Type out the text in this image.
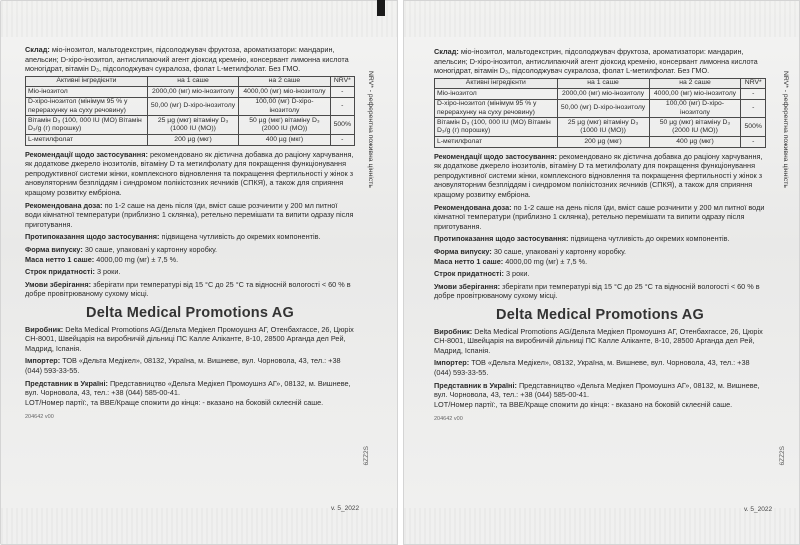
Склад: міо-інозитол, мальтодекстрин, підсолоджувач фруктоза, ароматизатори: мандарин, апельсин; D-хіро-інозитол, антислипаючий агент діоксид кремнію, консервант лимонна кислота моногідрат, вітамін D₃, підсолоджувач сукралоза, фолат L-метилфолат. Без ГМО.
Активні інгредієнти	на 1 саше	на 2 саше	NRV*
Міо-інозитол	2000,00 (мг) міо-інозитолу	4000,00 (мг) міо-інозитолу	-
D-хіро-інозитол (мінімум 95 % у перерахунку на суху речовину)	50,00 (мг) D-хіро-інозитолу	100,00 (мг) D-хіро-інозитолу	-
Вітамін D₃ (100, 000 IU (МО) Вітамін D₃/g (г) порошку)	25 µg (мкг) вітаміну D₃ (1000 IU (МО))	50 µg (мкг) вітаміну D₃ (2000 IU (МО))	500%
L-метилфолат	200 µg (мкг)	400 µg (мкг)	-
Рекомендації щодо застосування: рекомендовано як дієтична добавка до раціону харчування, як додаткове джерело інозитолів, вітаміну D та метилфолату для покращення функціонування репродуктивної системи жінки, комплексного відновлення та покращення фертильності у жінок з ановуляторним безпліддям і синдромом полікістозних яєчників (СПКЯ), а також для сприяння кращому розвитку ембріона.
Рекомендована доза: по 1-2 саше на день після їди, вміст саше розчинити у 200 мл питної води кімнатної температури (приблизно 1 склянка), ретельно перемішати та випити одразу після приготування.
Протипоказання щодо застосування: підвищена чутливість до окремих компонентів.
Форма випуску: 30 саше, упаковані у картонну коробку.
Маса нетто 1 саше: 4000,00 mg (мг) ± 7,5 %.
Строк придатності: 3 роки.
Умови зберігання: зберігати при температурі від 15 °С до 25 °С та відносній вологості < 60 % в добре провітрюваному сухому місці.
Delta Medical Promotions AG
Виробник: Delta Medical Promotions AG/Дельта Медікел Промоушнз АГ, Отенбахгассе, 26, Цюріх CH-8001, Швейцарія на виробничій дільниці ПС Калле Аліканте, 8-10, 28500 Арганда дел Рей, Мадрид, Іспанія.
Імпортер: ТОВ «Дельта Медікел», 08132, Україна, м. Вишневе, вул. Чорновола, 43, тел.: +38 (044) 593-33-55.
Представник в Україні: Представництво «Дельта Медікел Промоушнз АГ», 08132, м. Вишневе, вул. Чорновола, 43, тел.: +38 (044) 585-00-41.
LOT/Номер партії:, та ВВЕ/Краще спожити до кінця: - вказано на боковій склеєній саше.
204642 v00
NRV* - референтна поживна цінність
6ZZ2S
v. 5_2022
Склад: міо-інозитол, мальтодекстрин, підсолоджувач фруктоза, ароматизатори: мандарин, апельсин; D-хіро-інозитол, антислипаючий агент діоксид кремнію, консервант лимонна кислота моногідрат, вітамін D₃, підсолоджувач сукралоза, фолат L-метилфолат. Без ГМО.
Активні інгредієнти	на 1 саше	на 2 саше	NRV*
Міо-інозитол	2000,00 (мг) міо-інозитолу	4000,00 (мг) міо-інозитолу	-
D-хіро-інозитол (мінімум 95 % у перерахунку на суху речовину)	50,00 (мг) D-хіро-інозитолу	100,00 (мг) D-хіро-інозитолу	-
Вітамін D₃ (100, 000 IU (МО) Вітамін D₃/g (г) порошку)	25 µg (мкг) вітаміну D₃ (1000 IU (МО))	50 µg (мкг) вітаміну D₃ (2000 IU (МО))	500%
L-метилфолат	200 µg (мкг)	400 µg (мкг)	-
Рекомендації щодо застосування: рекомендовано як дієтична добавка до раціону харчування, як додаткове джерело інозитолів, вітаміну D та метилфолату для покращення функціонування репродуктивної системи жінки, комплексного відновлення та покращення фертильності у жінок з ановуляторним безпліддям і синдромом полікістозних яєчників (СПКЯ), а також для сприяння кращому розвитку ембріона.
Рекомендована доза: по 1-2 саше на день після їди, вміст саше розчинити у 200 мл питної води кімнатної температури (приблизно 1 склянка), ретельно перемішати та випити одразу після приготування.
Протипоказання щодо застосування: підвищена чутливість до окремих компонентів.
Форма випуску: 30 саше, упаковані у картонну коробку.
Маса нетто 1 саше: 4000,00 mg (мг) ± 7,5 %.
Строк придатності: 3 роки.
Умови зберігання: зберігати при температурі від 15 °С до 25 °С та відносній вологості < 60 % в добре провітрюваному сухому місці.
Delta Medical Promotions AG
Виробник: Delta Medical Promotions AG/Дельта Медікел Промоушнз АГ, Отенбахгассе, 26, Цюріх CH-8001, Швейцарія на виробничій дільниці ПС Калле Аліканте, 8-10, 28500 Арганда дел Рей, Мадрид, Іспанія.
Імпортер: ТОВ «Дельта Медікел», 08132, Україна, м. Вишневе, вул. Чорновола, 43, тел.: +38 (044) 593-33-55.
Представник в Україні: Представництво «Дельта Медікел Промоушнз АГ», 08132, м. Вишневе, вул. Чорновола, 43, тел.: +38 (044) 585-00-41.
LOT/Номер партії:, та ВВЕ/Краще спожити до кінця: - вказано на боковій склеєній саше.
204642 v00
NRV* - референтна поживна цінність
6ZZ2S
v. 5_2022
